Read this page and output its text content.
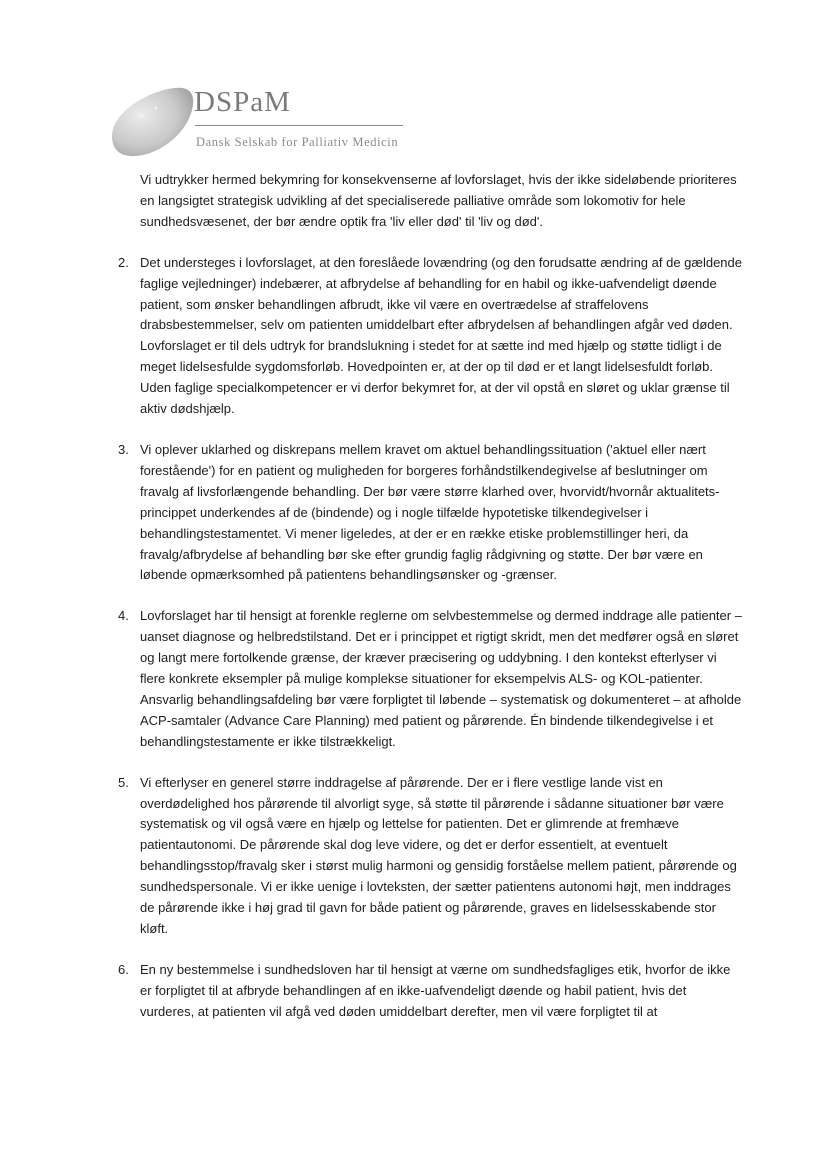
DSPaM
Dansk Selskab for Palliativ Medicin

Vi udtrykker hermed bekymring for konsekvenserne af lovforslaget, hvis der ikke sideløbende prioriteres en langsigtet strategisk udvikling af det specialiserede palliative område som lokomotiv for hele sundhedsvæsenet, der bør ændre optik fra 'liv eller død' til 'liv og død'.

2. Det understeges i lovforslaget, at den foreslåede lovændring (og den forudsatte ændring af de gældende faglige vejledninger) indebærer, at afbrydelse af behandling for en habil og ikke-uafvendeligt døende patient, som ønsker behandlingen afbrudt, ikke vil være en overtrædelse af straffelovens drabsbestemmelser, selv om patienten umiddelbart efter afbrydelsen af behandlingen afgår ved døden. Lovforslaget er til dels udtryk for brandslukning i stedet for at sætte ind med hjælp og støtte tidligt i de meget lidelsesfulde sygdomsforløb. Hovedpointen er, at der op til død er et langt lidelsesfuldt forløb. Uden faglige specialkompetencer er vi derfor bekymret for, at der vil opstå en sløret og uklar grænse til aktiv dødshjælp.
3. Vi oplever uklarhed og diskrepans mellem kravet om aktuel behandlingssituation ('aktuel eller nært forestående') for en patient og muligheden for borgeres forhåndstilkendegivelse af beslutninger om fravalg af livsforlængende behandling. Der bør være større klarhed over, hvorvidt/hvornår aktualitets-princippet underkendes af de (bindende) og i nogle tilfælde hypotetiske tilkendegivelser i behandlingstestamentet. Vi mener ligeledes, at der er en række etiske problemstillinger heri, da fravalg/afbrydelse af behandling bør ske efter grundig faglig rådgivning og støtte. Der bør være en løbende opmærksomhed på patientens behandlingsønsker og -grænser.
4. Lovforslaget har til hensigt at forenkle reglerne om selvbestemmelse og dermed inddrage alle patienter – uanset diagnose og helbredstilstand. Det er i princippet et rigtigt skridt, men det medfører også en sløret og langt mere fortolkende grænse, der kræver præcisering og uddybning. I den kontekst efterlyser vi flere konkrete eksempler på mulige komplekse situationer for eksempelvis ALS- og KOL-patienter. Ansvarlig behandlingsafdeling bør være forpligtet til løbende – systematisk og dokumenteret – at afholde ACP-samtaler (Advance Care Planning) med patient og pårørende. Én bindende tilkendegivelse i et behandlingstestamente er ikke tilstrækkeligt.
5. Vi efterlyser en generel større inddragelse af pårørende. Der er i flere vestlige lande vist en overdødelighed hos pårørende til alvorligt syge, så støtte til pårørende i sådanne situationer bør være systematisk og vil også være en hjælp og lettelse for patienten. Det er glimrende at fremhæve patientautonomi. De pårørende skal dog leve videre, og det er derfor essentielt, at eventuelt behandlingsstop/fravalg sker i størst mulig harmoni og gensidig forståelse mellem patient, pårørende og sundhedspersonale. Vi er ikke uenige i lovteksten, der sætter patientens autonomi højt, men inddrages de pårørende ikke i høj grad til gavn for både patient og pårørende, graves en lidelsesskabende stor kløft.
6. En ny bestemmelse i sundhedsloven har til hensigt at værne om sundhedsfagliges etik, hvorfor de ikke er forpligtet til at afbryde behandlingen af en ikke-uafvendeligt døende og habil patient, hvis det vurderes, at patienten vil afgå ved døden umiddelbart derefter, men vil være forpligtet til at
